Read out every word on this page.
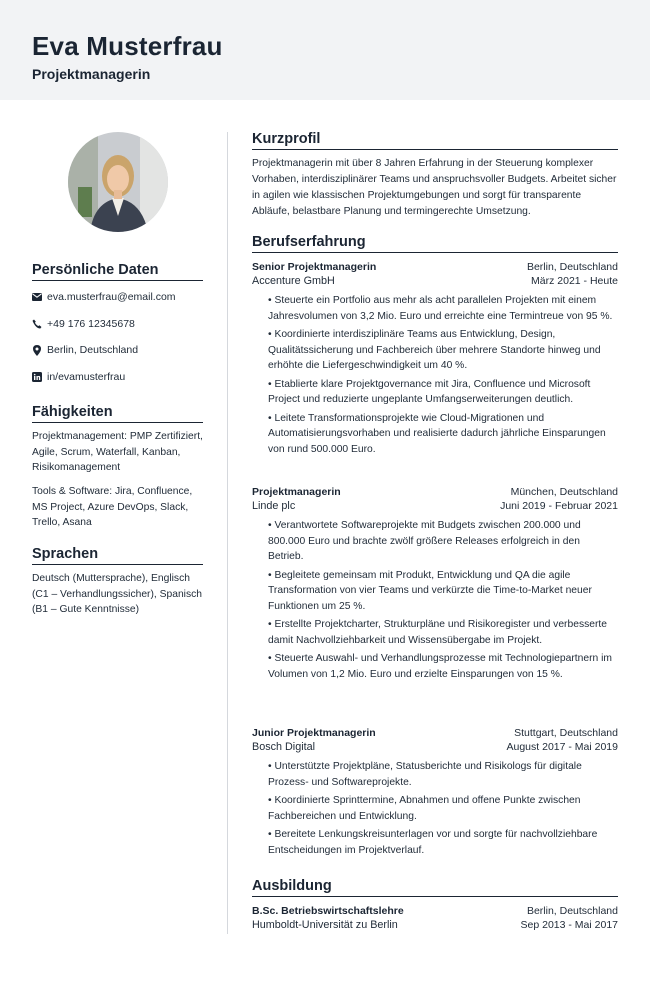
Eva Musterfrau
Projektmanagerin
Persönliche Daten
eva.musterfrau@email.com
+49 176 12345678
Berlin, Deutschland
in/evamusterfrau
Fähigkeiten
Projektmanagement: PMP Zertifiziert, Agile, Scrum, Waterfall, Kanban, Risikomanagement
Tools & Software: Jira, Confluence, MS Project, Azure DevOps, Slack, Trello, Asana
Sprachen
Deutsch (Muttersprache), Englisch (C1 – Verhandlungssicher), Spanisch (B1 – Gute Kenntnisse)
Kurzprofil
Projektmanagerin mit über 8 Jahren Erfahrung in der Steuerung komplexer Vorhaben, interdisziplinärer Teams und anspruchsvoller Budgets. Arbeitet sicher in agilen wie klassischen Projektumgebungen und sorgt für transparente Abläufe, belastbare Planung und termingerechte Umsetzung.
Berufserfahrung
Senior Projektmanagerin	Berlin, Deutschland
Accenture GmbH	März 2021 - Heute
• Steuerte ein Portfolio aus mehr als acht parallelen Projekten mit einem Jahresvolumen von 3,2 Mio. Euro und erreichte eine Termintreue von 95 %.
• Koordinierte interdisziplinäre Teams aus Entwicklung, Design, Qualitätssicherung und Fachbereich über mehrere Standorte hinweg und erhöhte die Liefergeschwindigkeit um 40 %.
• Etablierte klare Projektgovernance mit Jira, Confluence und Microsoft Project und reduzierte ungeplante Umfangserweiterungen deutlich.
• Leitete Transformationsprojekte wie Cloud-Migrationen und Automatisierungsvorhaben und realisierte dadurch jährliche Einsparungen von rund 500.000 Euro.
Projektmanagerin	München, Deutschland
Linde plc	Juni 2019 - Februar 2021
• Verantwortete Softwareprojekte mit Budgets zwischen 200.000 und 800.000 Euro und brachte zwölf größere Releases erfolgreich in den Betrieb.
• Begleitete gemeinsam mit Produkt, Entwicklung und QA die agile Transformation von vier Teams und verkürzte die Time-to-Market neuer Funktionen um 25 %.
• Erstellte Projektcharter, Strukturpläne und Risikoregister und verbesserte damit Nachvollziehbarkeit und Wissensübergabe im Projekt.
• Steuerte Auswahl- und Verhandlungsprozesse mit Technologiepartnern im Volumen von 1,2 Mio. Euro und erzielte Einsparungen von 15 %.
Junior Projektmanagerin	Stuttgart, Deutschland
Bosch Digital	August 2017 - Mai 2019
• Unterstützte Projektpläne, Statusberichte und Risikologs für digitale Prozess- und Softwareprojekte.
• Koordinierte Sprinttermine, Abnahmen und offene Punkte zwischen Fachbereichen und Entwicklung.
• Bereitete Lenkungskreisunterlagen vor und sorgte für nachvollziehbare Entscheidungen im Projektverlauf.
Ausbildung
B.Sc. Betriebswirtschaftslehre	Berlin, Deutschland
Humboldt-Universität zu Berlin	Sep 2013 - Mai 2017
